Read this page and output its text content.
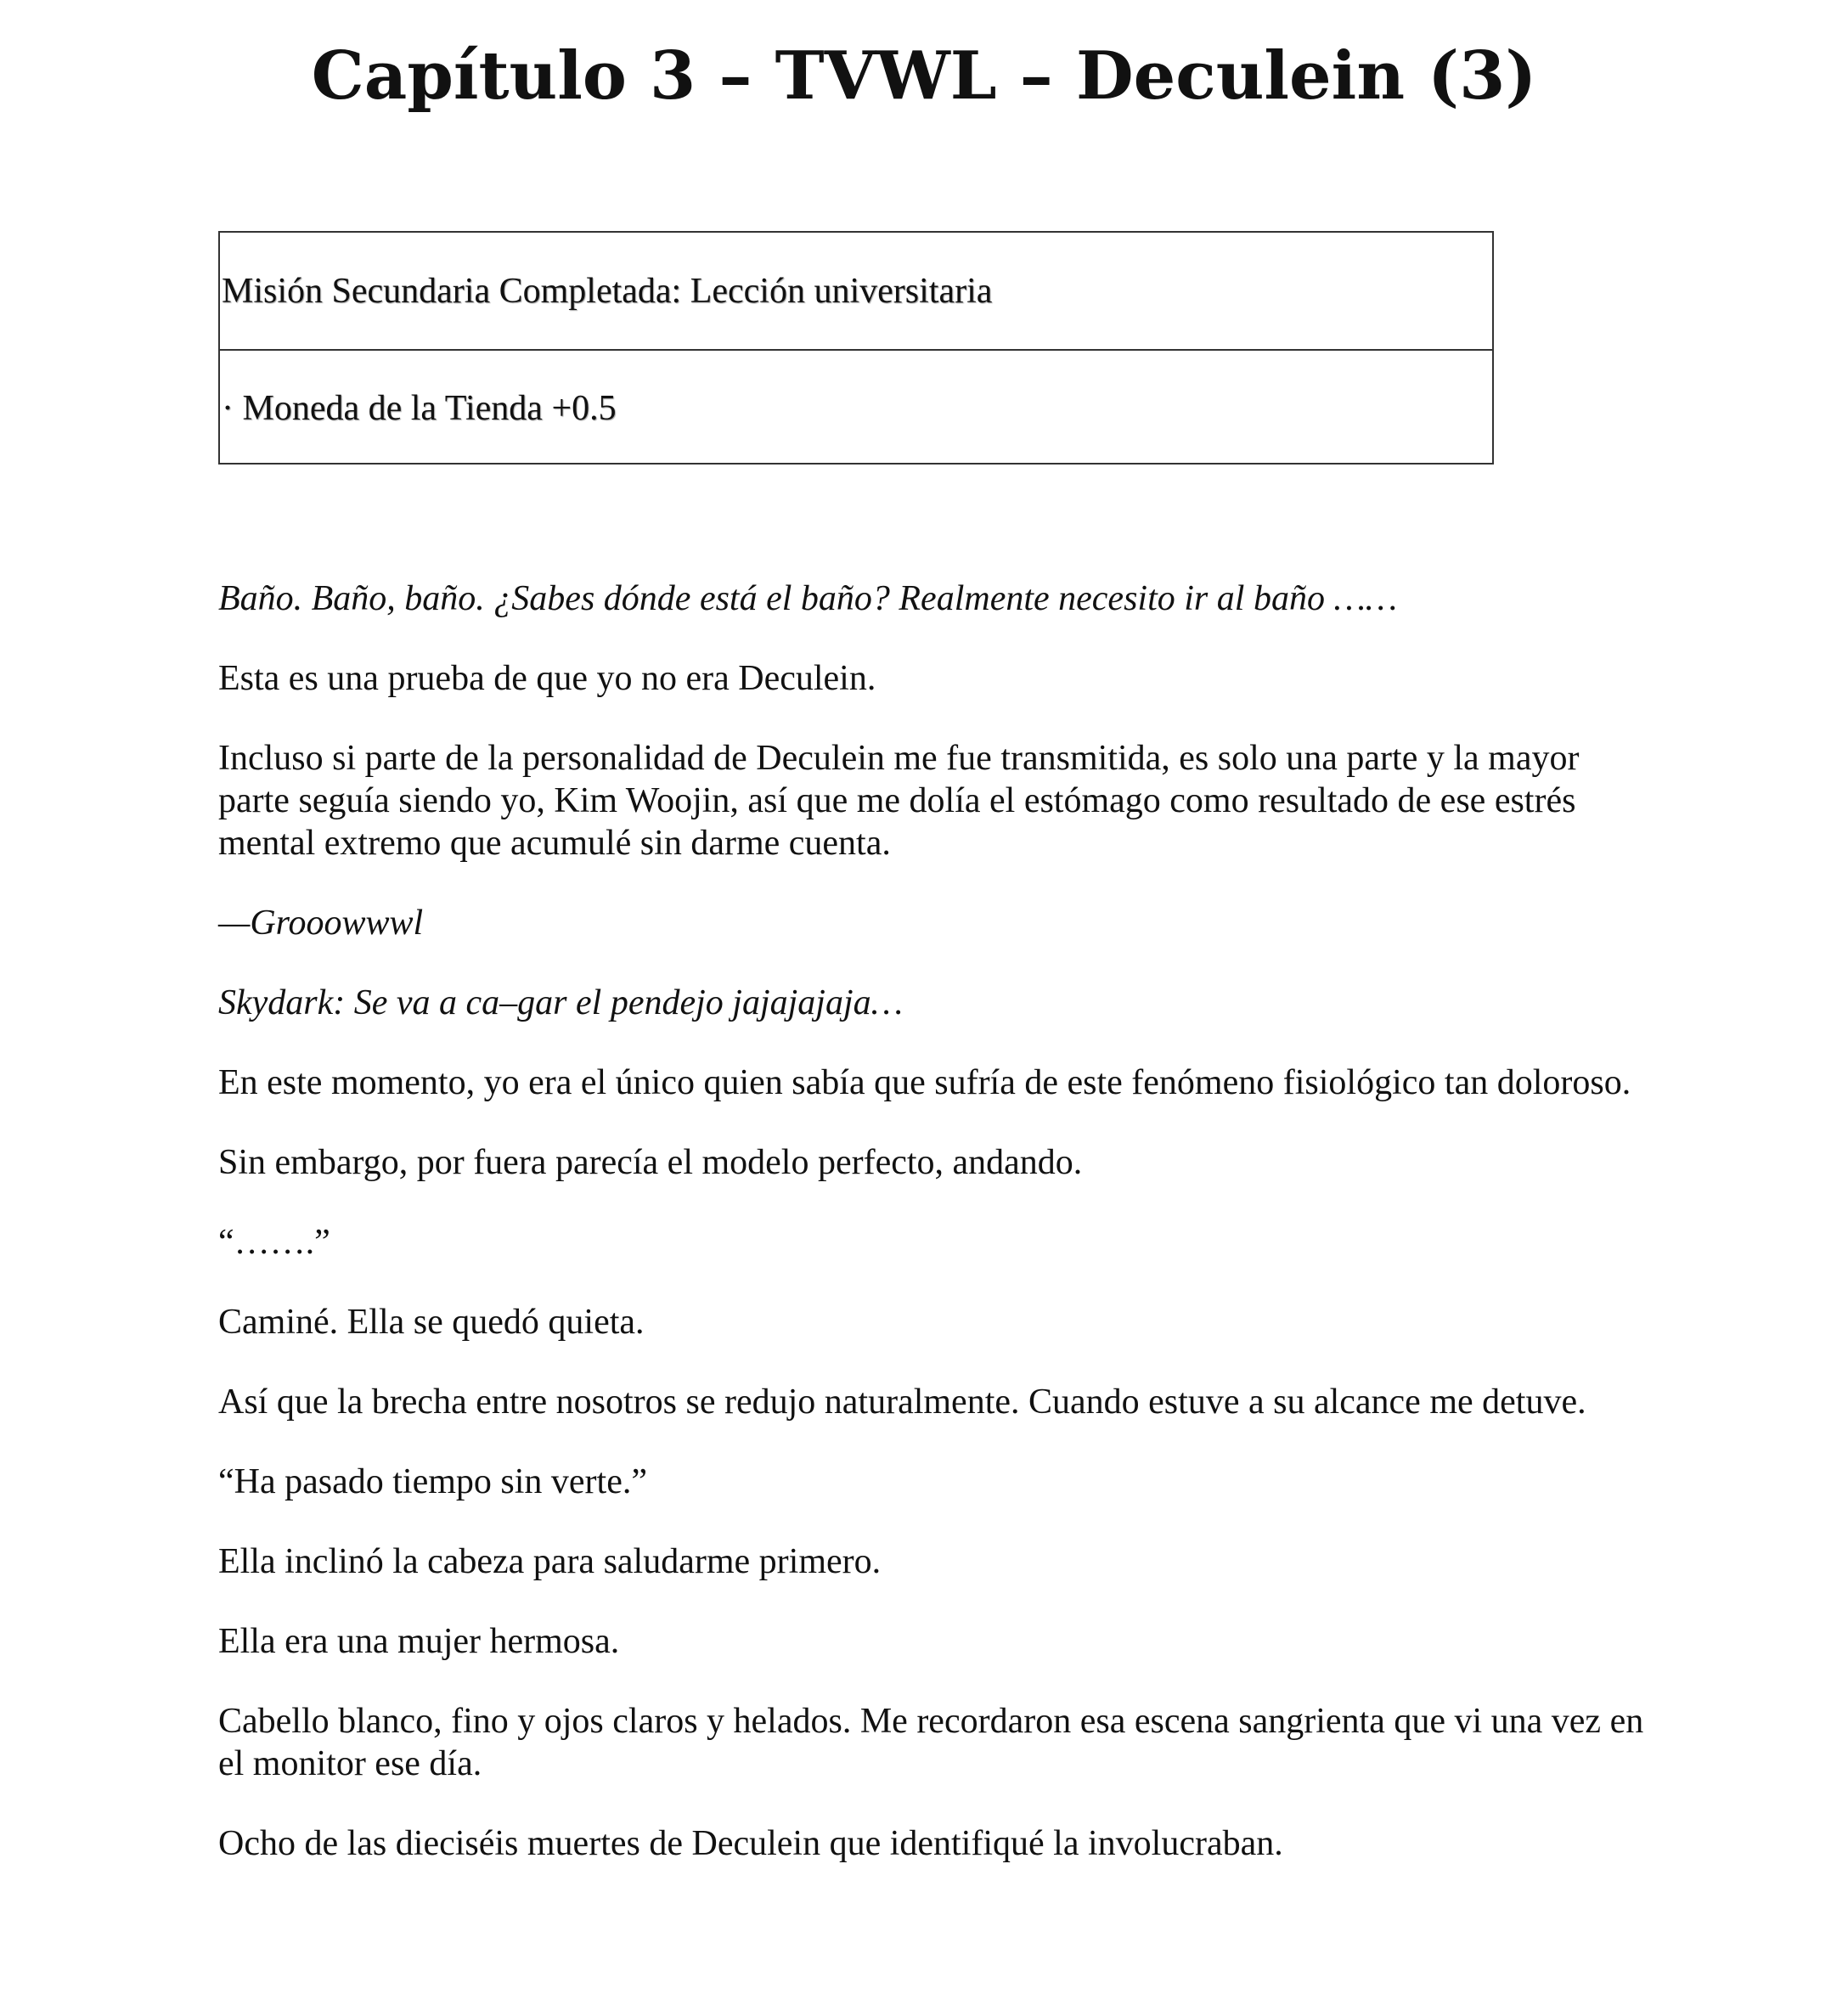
Capítulo 3 – TVWL – Deculein (3)
Misión Secundaria Completada: Lección universitaria
· Moneda de la Tienda +0.5

Baño. Baño, baño. ¿Sabes dónde está el baño? Realmente necesito ir al baño ……

Esta es una prueba de que yo no era Deculein.

Incluso si parte de la personalidad de Deculein me fue transmitida, es solo una parte y la mayor parte seguía siendo yo, Kim Woojin, así que me dolía el estómago como resultado de ese estrés mental extremo que acumulé sin darme cuenta.

—Grooowwwl

Skydark: Se va a ca–gar el pendejo jajajajaja…

En este momento, yo era el único quien sabía que sufría de este fenómeno fisiológico tan doloroso.

Sin embargo, por fuera parecía el modelo perfecto, andando.

“…….”

Caminé. Ella se quedó quieta.

Así que la brecha entre nosotros se redujo naturalmente. Cuando estuve a su alcance me detuve.

“Ha pasado tiempo sin verte.”

Ella inclinó la cabeza para saludarme primero.

Ella era una mujer hermosa.

Cabello blanco, fino y ojos claros y helados. Me recordaron esa escena sangrienta que vi una vez en el monitor ese día.

Ocho de las dieciséis muertes de Deculein que identifiqué la involucraban.
